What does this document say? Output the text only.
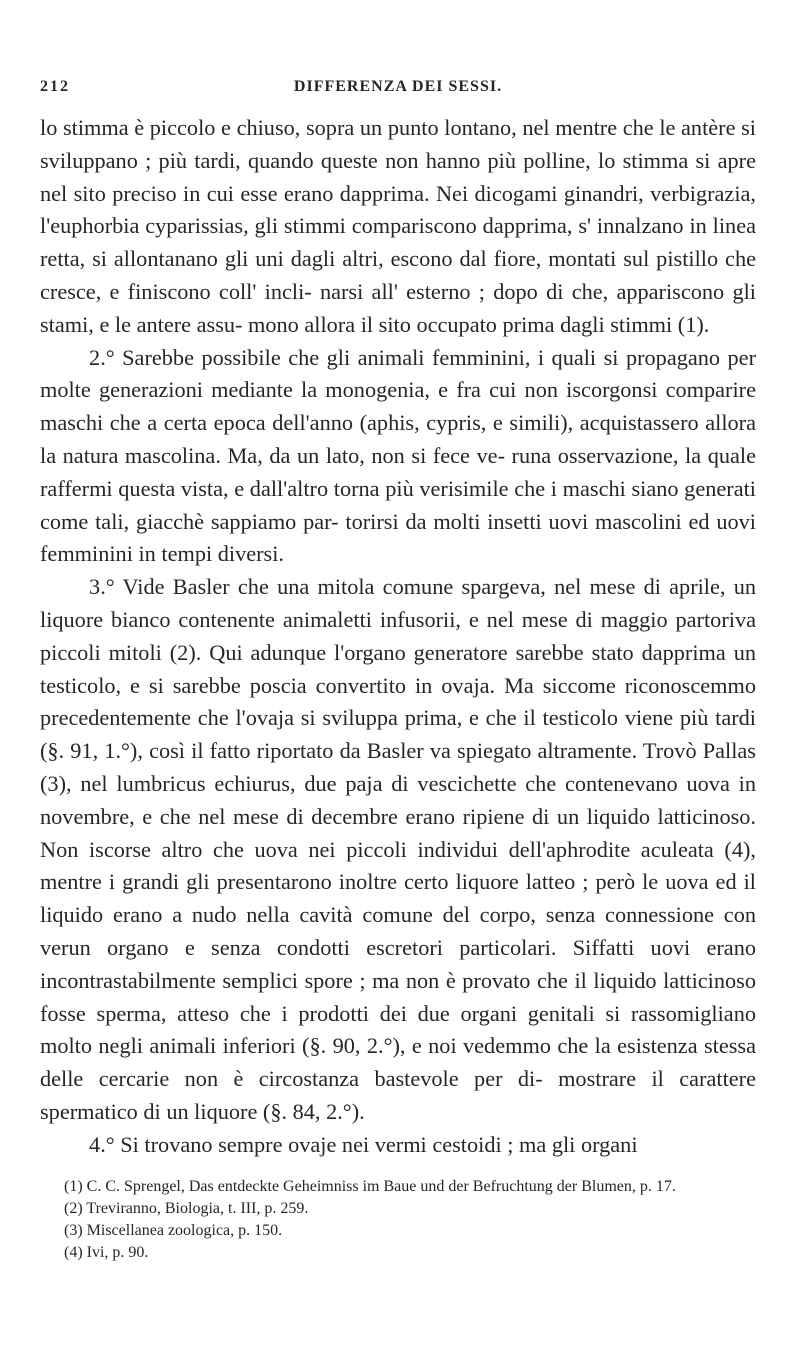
212	DIFFERENZA DEI SESSI.

lo stimma è piccolo e chiuso, sopra un punto lontano, nel mentre che le antère si sviluppano ; più tardi, quando queste non hanno più polline, lo stimma si apre nel sito preciso in cui esse erano dapprima. Nei dicogami ginandri, verbigrazia, l'euphorbia cyparissias, gli stimmi compariscono dapprima, s' innalzano in linea retta, si allontanano gli uni dagli altri, escono dal fiore, montati sul pistillo che cresce, e finiscono coll' incli- narsi all' esterno ; dopo di che, appariscono gli stami, e le antere assu- mono allora il sito occupato prima dagli stimmi (1).

2.° Sarebbe possibile che gli animali femminini, i quali si propagano per molte generazioni mediante la monogenia, e fra cui non iscorgonsi comparire maschi che a certa epoca dell'anno (aphis, cypris, e simili), acquistassero allora la natura mascolina. Ma, da un lato, non si fece ve- runa osservazione, la quale raffermi questa vista, e dall'altro torna più verisimile che i maschi siano generati come tali, giacchè sappiamo par- torirsi da molti insetti uovi mascolini ed uovi femminini in tempi diversi.

3.° Vide Basler che una mitola comune spargeva, nel mese di aprile, un liquore bianco contenente animaletti infusorii, e nel mese di maggio partoriva piccoli mitoli (2). Qui adunque l'organo generatore sarebbe stato dapprima un testicolo, e si sarebbe poscia convertito in ovaja. Ma siccome riconoscemmo precedentemente che l'ovaja si sviluppa prima, e che il testicolo viene più tardi (§. 91, 1.°), così il fatto riportato da Basler va spiegato altramente. Trovò Pallas (3), nel lumbricus echiurus, due paja di vescichette che contenevano uova in novembre, e che nel mese di decembre erano ripiene di un liquido latticinoso. Non iscorse altro che uova nei piccoli individui dell'aphrodite aculeata (4), mentre i grandi gli presentarono inoltre certo liquore latteo ; però le uova ed il liquido erano a nudo nella cavità comune del corpo, senza connessione con verun organo e senza condotti escretori particolari. Siffatti uovi erano incontrastabilmente semplici spore ; ma non è provato che il liquido latticinoso fosse sperma, atteso che i prodotti dei due organi genitali si rassomigliano molto negli animali inferiori (§. 90, 2.°), e noi vedemmo che la esistenza stessa delle cercarie non è circostanza bastevole per di- mostrare il carattere spermatico di un liquore (§. 84, 2.°).

4.° Si trovano sempre ovaje nei vermi cestoidi ; ma gli organi

(1) C. C. Sprengel, Das entdeckte Geheimniss im Baue und der Befruchtung der Blumen, p. 17.

(2) Treviranno, Biologia, t. III, p. 259.

(3) Miscellanea zoologica, p. 150.

(4) Ivi, p. 90.
